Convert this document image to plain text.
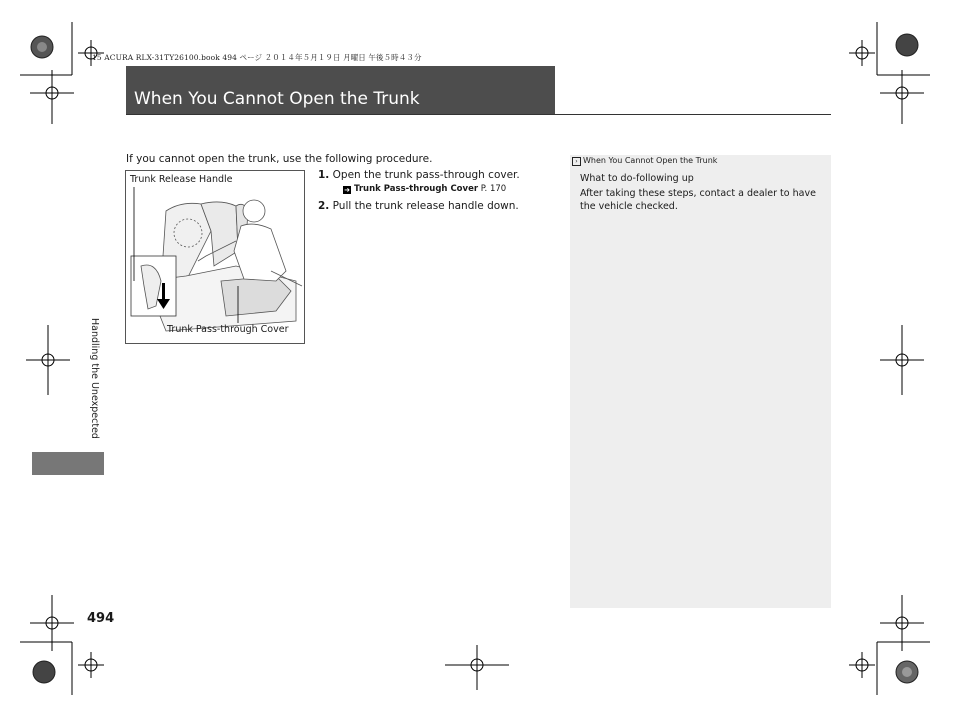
15 ACURA RLX-31TY26100.book 494 ページ ２０１４年５月１９日 月曜日 午後５時４３分
When You Cannot Open the Trunk
If you cannot open the trunk, use the following procedure.
Trunk Release Handle
Trunk Pass-through Cover
1. Open the trunk pass-through cover.
➜ Trunk Pass-through Cover P. 170
2. Pull the trunk release handle down.
› When You Cannot Open the Trunk
What to do-following up
After taking these steps, contact a dealer to have the vehicle checked.
Handling the Unexpected
494
